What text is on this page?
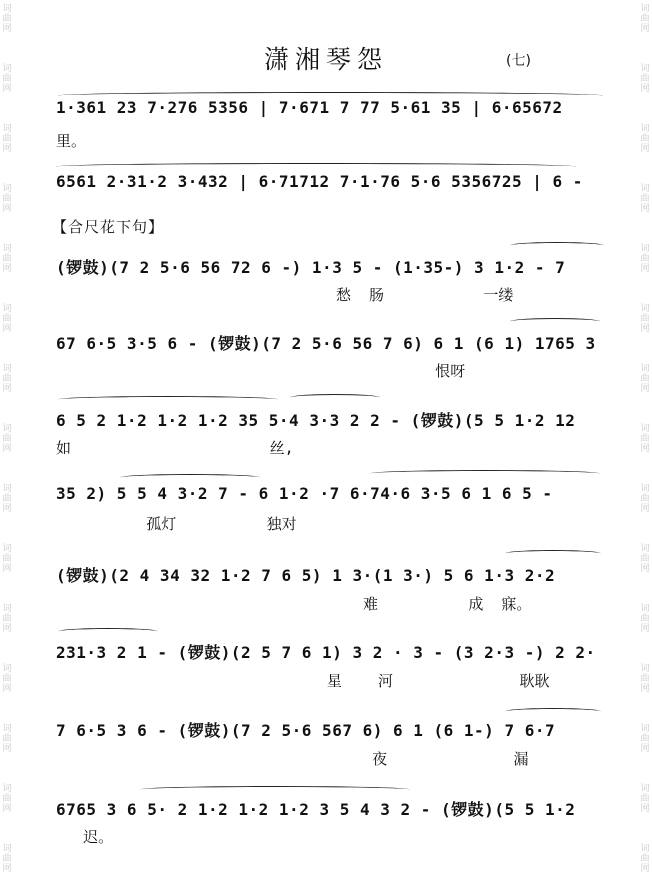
词曲网
词曲网
词曲网
词曲网
词曲网
词曲网
词曲网
词曲网
词曲网
词曲网
词曲网
词曲网
词曲网
词曲网
词曲网
词曲网
词曲网
词曲网
词曲网
词曲网
词曲网
词曲网
词曲网
词曲网
词曲网
词曲网
词曲网
词曲网
词曲网
词曲网
潇湘琴怨	(七)
1·361 23 7·276 5356 | 7·671 7 77 5·61 35 | 6·65672
里。
6561 2·31·2 3·432 | 6·71712 7·1·76 5·6 5356725 | 6 -
【合尺花下句】
(锣鼓)(7 2 5·6 56 72 6 -) 1·3 5 - (1·35-) 3 1·2 - 7
愁  肠           一缕
67 6·5 3·5 6 - (锣鼓)(7 2 5·6 56 7 6) 6 1 (6 1) 1765 3
恨呀
6 5 2 1·2 1·2 1·2 35 5·4 3·3 2 2 - (锣鼓)(5 5 1·2 12
如                      丝,
35 2) 5 5 4 3·2 7 - 6 1·2 ·7 6·74·6 3·5 6 1 6 5 -
孤灯          独对
(锣鼓)(2 4 34 32 1·2 7 6 5) 1 3·(1 3·) 5 6 1·3 2·2
难          成  寐。
231·3 2 1 - (锣鼓)(2 5 7 6 1) 3 2 · 3 - (3 2·3 -) 2 2·
星    河              耿耿
7 6·5 3 6 - (锣鼓)(7 2 5·6 567 6) 6 1 (6 1-) 7 6·7
夜              漏
6765 3 6 5· 2 1·2 1·2 1·2 3 5 4 3 2 - (锣鼓)(5 5 1·2
迟。
